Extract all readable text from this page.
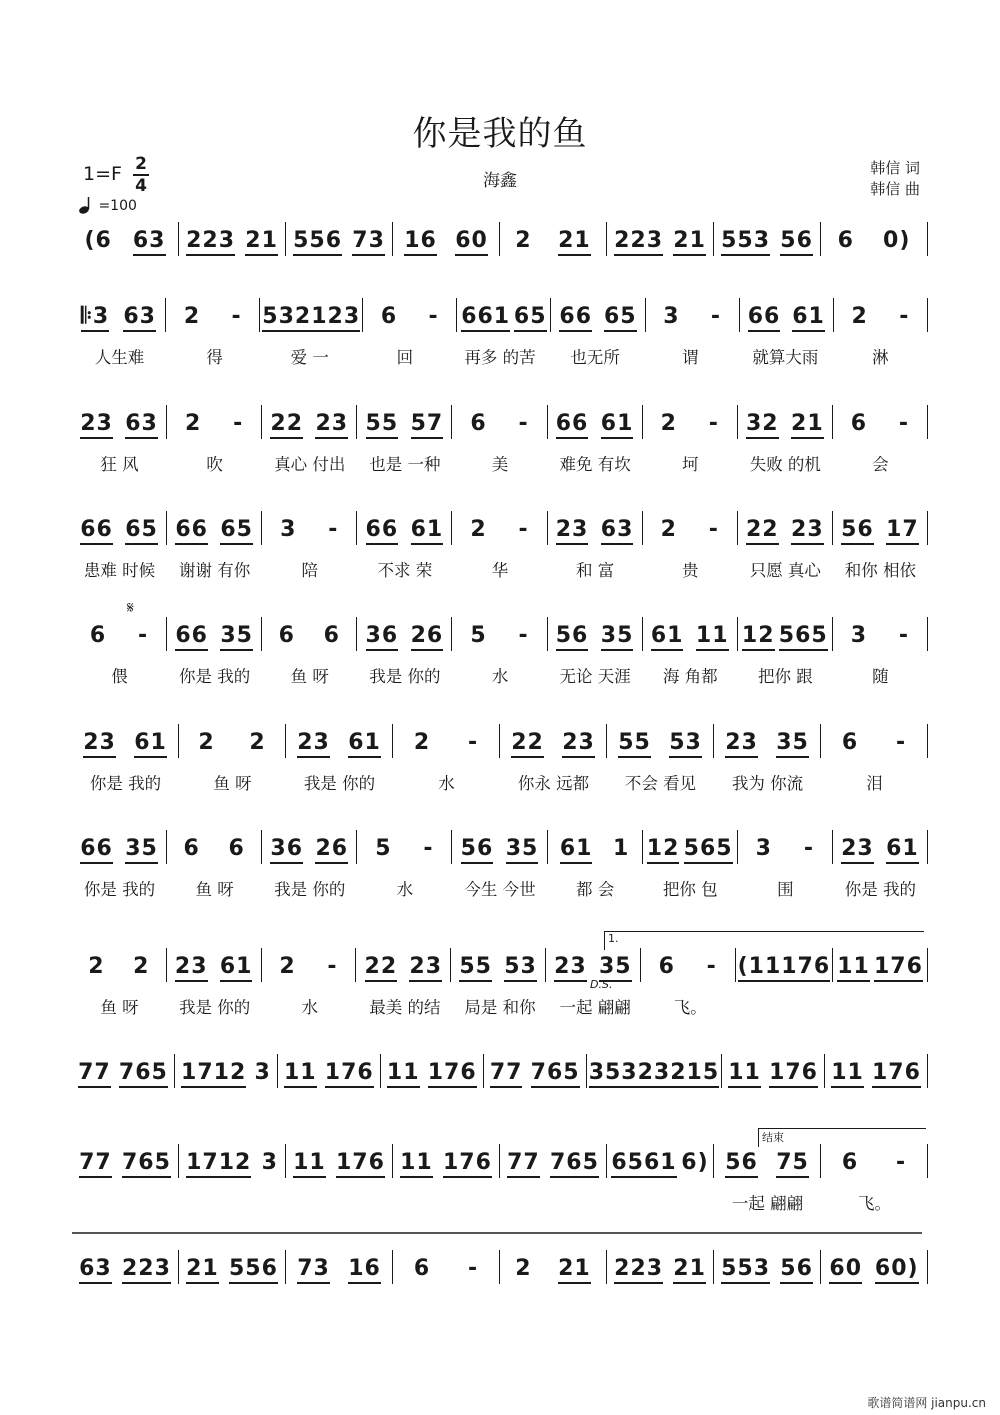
你是我的鱼
海鑫
韩信 词
韩信 曲
1=F 2
4
=100
(6 63 223 21 556 73 16 60 2 21 223 21 553 56 6 0)
𝄆3 63 2 - 532 123 6 - 661 65 66 65 3 - 66 61 2 -
人生难	得	爱 一	回	再多 的苦	也无所	谓	就算大雨	淋
23 63 2 - 22 23 55 57 6 - 66 61 2 - 32 21 6 -
狂 风	吹	真心 付出	也是 一种	美	难免 有坎	坷	失败 的机	会
66 65 66 65 3 - 66 61 2 - 23 63 2 - 22 23 56 17
患难 时候	谢谢 有你	陪	不求 荣	华	和 富	贵	只愿 真心	和你 相依
6 - 66 35 6 6 36 26 5 - 56 35 61 11 12 565 3 -
偎	你是 我的	鱼 呀	我是 你的	水	无论 天涯	海 角都	把你 跟	随
23 61 2 2 23 61 2 - 22 23 55 53 23 35 6 -
你是 我的	鱼 呀	我是 你的	水	你永 远都	不会 看见	我为 你流	泪
66 35 6 6 36 26 5 - 56 35 61 1 12 565 3 - 23 61
你是 我的	鱼 呀	我是 你的	水	今生 今世	都 会	把你 包	围	你是 我的
2 2 23 61 2 - 22 23 55 53 23 35 6 - (11 176 11 176
鱼 呀	我是 你的	水	最美 的结	局是 和你	一起 翩翩	飞。
77 765 1712 3 11 176 11 176 77 765 3532 3215 11 176 11 176
77 765 1712 3 11 176 11 176 77 765 6561 6) 56 75 6 -
一起 翩翩	飞。
63 223 21 556 73 16 6 - 2 21 223 21 553 56 60 60)
𝄋
D.S.
1.
结束
歌谱简谱网 jianpu.cn
